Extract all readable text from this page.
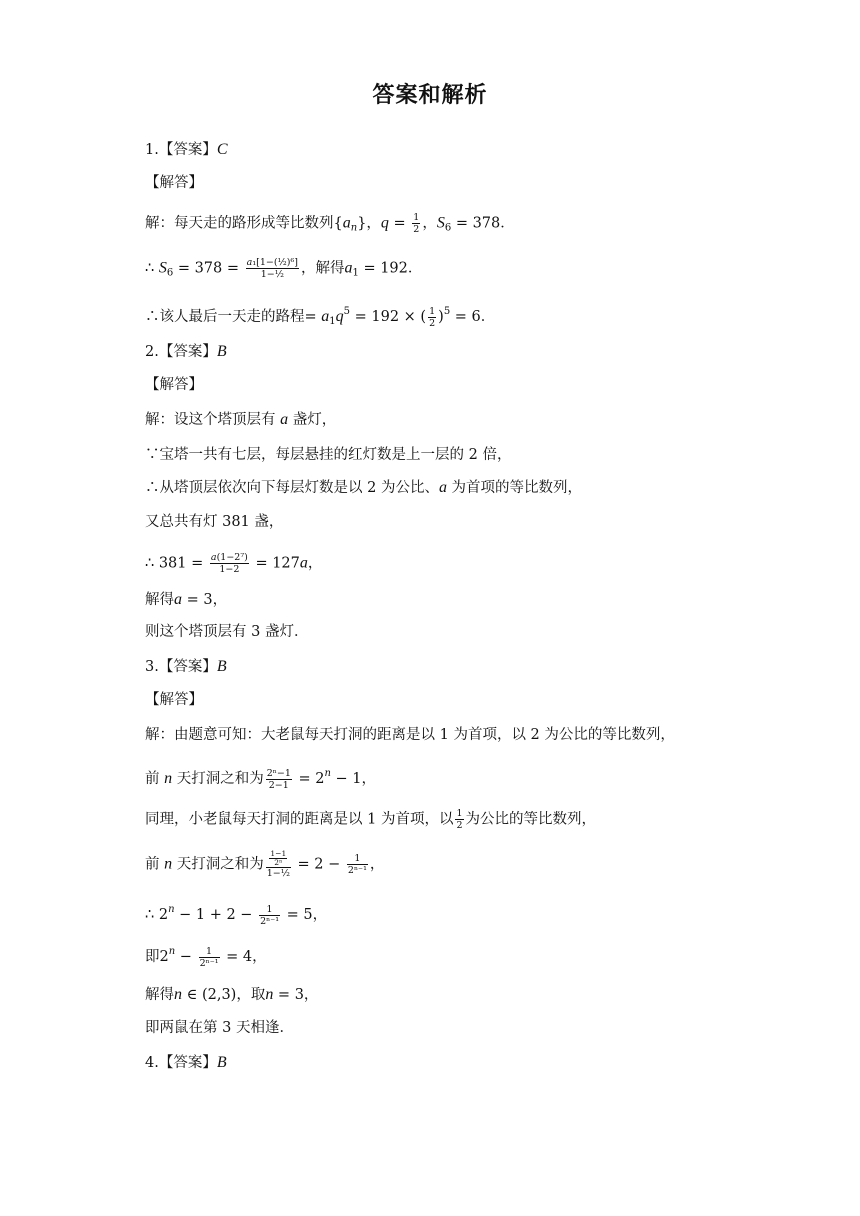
答案和解析
1.【答案】C
【解答】
解：每天走的路形成等比数列$\{a_n\}$，$q = \frac{1}{2}$ ，$S_6 = 378$．
∴ $S_6 = 378 = \frac{\text{a₁[1−(½)⁶]}}{\text{1−½}}$ ，解得$a_1 = 192$．
∴该人最后一天走的路程= $a_1q^5 = 192$ × ( $\frac{1}{2} )^5 = 6$．
2.【答案】B
【解答】
解：设这个塔顶层有 a 盏灯，
∵宝塔一共有七层，每层悬挂的红灯数是上一层的 2 倍，
∴从塔顶层依次向下每层灯数是以 2 为公比、a 为首项的等比数列，
又总共有灯 381 盏，
∴ $381 = \frac{\text{a(1−2⁷)}}{1-2} = 127a$，
解得a = 3，
则这个塔顶层有 3 盏灯．
3.【答案】B
【解答】
解：由题意可知：大老鼠每天打洞的距离是以 1 为首项，以 2 为公比的等比数列，
前 n 天打洞之和为 $\frac{\text{2ⁿ−1}}{2-1} = 2^n - 1$，
同理，小老鼠每天打洞的距离是以 1 为首项，以 $\frac{1}{2}$ 为公比的等比数列，
前 n 天打洞之和为 $\frac{\frac{1-1}{\text{2ⁿ}}}{\text{1−½}} = 2 - \frac{1}{\text{2ⁿ⁻¹}}$ ，
∴ $2^n - 1 + 2 - \frac{1}{\text{2ⁿ⁻¹}} = 5$，
即$2^n - \frac{1}{\text{2ⁿ⁻¹}} = 4$，
解得n ∈ (2,3)，取n = 3，
即两鼠在第 3 天相逢．
4.【答案】B
